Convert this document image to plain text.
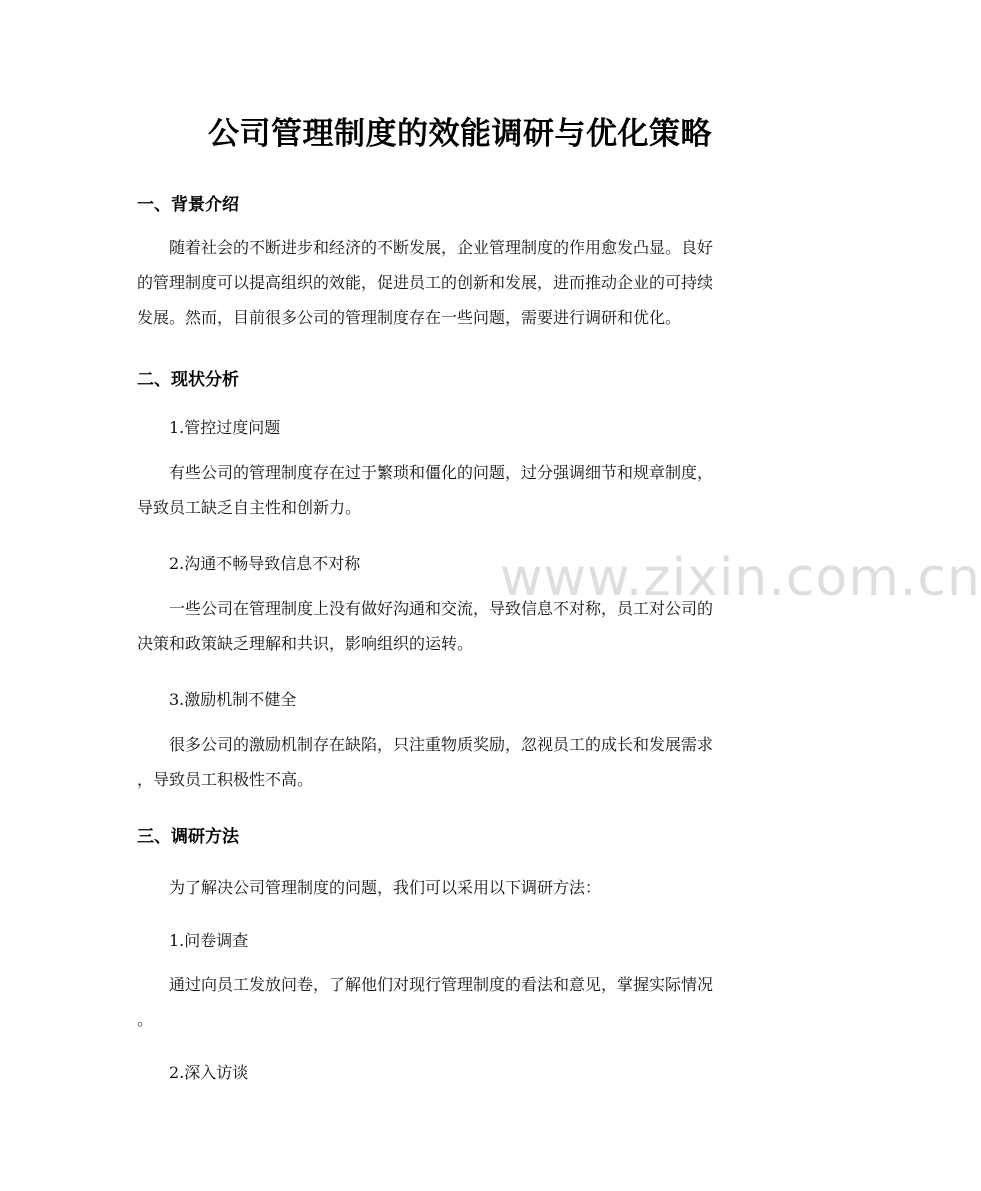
www.zixin.com.cn
公司管理制度的效能调研与优化策略
一、背景介绍
随着社会的不断进步和经济的不断发展，企业管理制度的作用愈发凸显。良好
的管理制度可以提高组织的效能，促进员工的创新和发展，进而推动企业的可持续
发展。然而，目前很多公司的管理制度存在一些问题，需要进行调研和优化。
二、现状分析
1.管控过度问题
有些公司的管理制度存在过于繁琐和僵化的问题，过分强调细节和规章制度，
导致员工缺乏自主性和创新力。
2.沟通不畅导致信息不对称
一些公司在管理制度上没有做好沟通和交流，导致信息不对称，员工对公司的
决策和政策缺乏理解和共识，影响组织的运转。
3.激励机制不健全
很多公司的激励机制存在缺陷，只注重物质奖励，忽视员工的成长和发展需求
，导致员工积极性不高。
三、调研方法
为了解决公司管理制度的问题，我们可以采用以下调研方法：
1.问卷调查
通过向员工发放问卷，了解他们对现行管理制度的看法和意见，掌握实际情况
。
2.深入访谈
